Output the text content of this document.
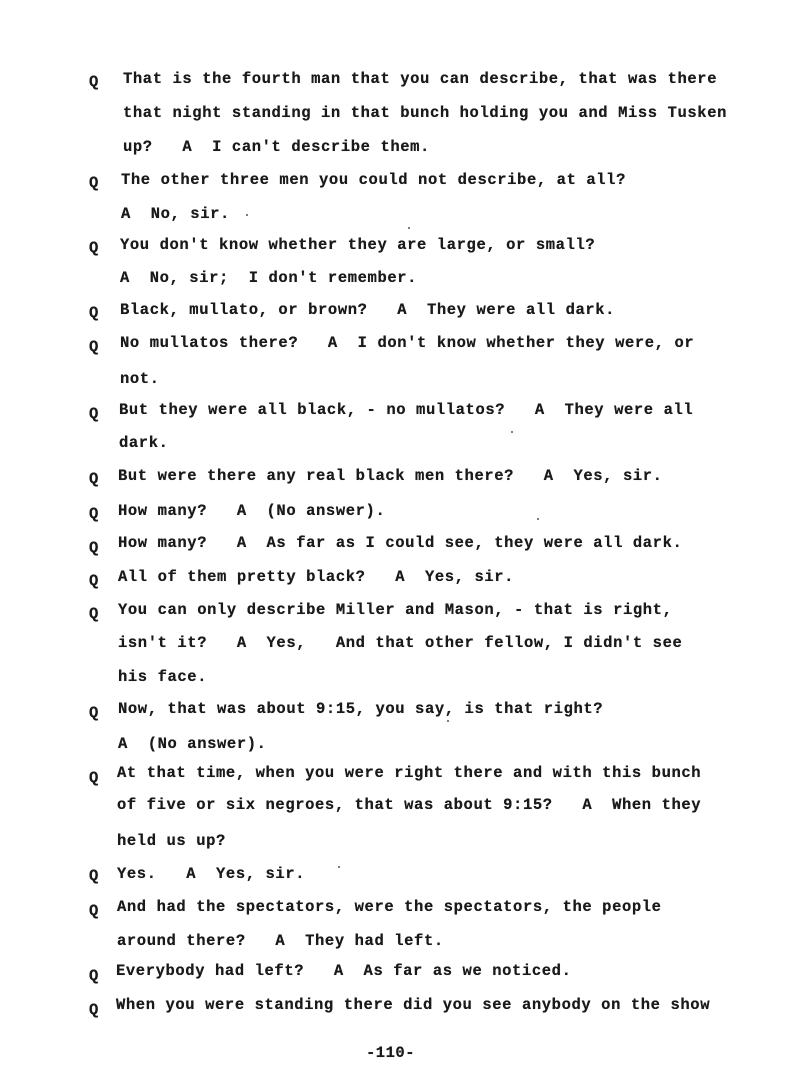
Q That is the fourth man that you can describe, that was there
that night standing in that bunch holding you and Miss Tusken
up?   A  I can't describe them.
Q The other three men you could not describe, at all?
A  No, sir.
Q You don't know whether they are large, or small?
A  No, sir;  I don't remember.
Q Black, mullato, or brown?   A  They were all dark.
Q No mullatos there?   A  I don't know whether they were, or
not.
Q But they were all black, - no mullatos?   A  They were all
dark.
Q But were there any real black men there?   A  Yes, sir.
Q How many?   A  (No answer).
Q How many?   A  As far as I could see, they were all dark.
Q All of them pretty black?   A  Yes, sir.
Q You can only describe Miller and Mason, - that is right,
isn't it?   A  Yes,   And that other fellow, I didn't see
his face.
Q Now, that was about 9:15, you say, is that right?
A  (No answer).
Q At that time, when you were right there and with this bunch
of five or six negroes, that was about 9:15?   A  When they
held us up?
Q Yes.   A  Yes, sir.
Q And had the spectators, were the spectators, the people
around there?   A  They had left.
Q Everybody had left?   A  As far as we noticed.
Q When you were standing there did you see anybody on the show
-110-
